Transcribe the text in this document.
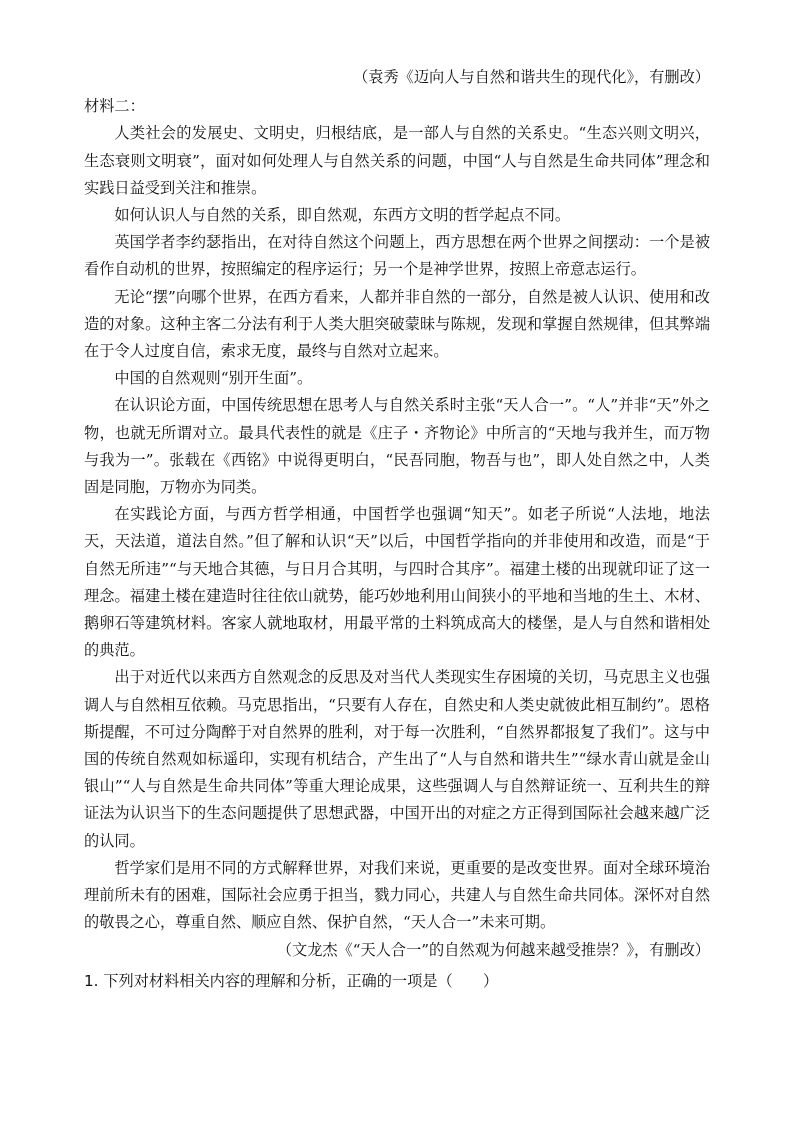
（袁秀《迈向人与自然和谐共生的现代化》，有删改）

材料二：

人类社会的发展史、文明史，归根结底，是一部人与自然的关系史。“生态兴则文明兴，生态衰则文明衰”，面对如何处理人与自然关系的问题，中国“人与自然是生命共同体”理念和实践日益受到关注和推崇。

如何认识人与自然的关系，即自然观，东西方文明的哲学起点不同。

英国学者李约瑟指出，在对待自然这个问题上，西方思想在两个世界之间摆动：一个是被看作自动机的世界，按照编定的程序运行；另一个是神学世界，按照上帝意志运行。

无论“摆”向哪个世界，在西方看来，人都并非自然的一部分，自然是被人认识、使用和改造的对象。这种主客二分法有利于人类大胆突破蒙昧与陈规，发现和掌握自然规律，但其弊端在于令人过度自信，索求无度，最终与自然对立起来。

中国的自然观则“别开生面”。

在认识论方面，中国传统思想在思考人与自然关系时主张“天人合一”。“人”并非“天”外之物，也就无所谓对立。最具代表性的就是《庄子・齐物论》中所言的“天地与我并生，而万物与我为一”。张载在《西铭》中说得更明白，“民吾同胞，物吾与也”，即人处自然之中，人类固是同胞，万物亦为同类。

在实践论方面，与西方哲学相通，中国哲学也强调“知天”。如老子所说“人法地，地法天，天法道，道法自然。”但了解和认识“天”以后，中国哲学指向的并非使用和改造，而是“于自然无所违”“与天地合其德，与日月合其明，与四时合其序”。福建土楼的出现就印证了这一理念。福建土楼在建造时往往依山就势，能巧妙地利用山间狭小的平地和当地的生土、木材、鹅卵石等建筑材料。客家人就地取材，用最平常的土料筑成高大的楼堡，是人与自然和谐相处的典范。

出于对近代以来西方自然观念的反思及对当代人类现实生存困境的关切，马克思主义也强调人与自然相互依赖。马克思指出，“只要有人存在，自然史和人类史就彼此相互制约”。恩格斯提醒，不可过分陶醉于对自然界的胜利，对于每一次胜利，“自然界都报复了我们”。这与中国的传统自然观如标遥印，实现有机结合，产生出了“人与自然和谐共生”“绿水青山就是金山银山”“人与自然是生命共同体”等重大理论成果，这些强调人与自然辩证统一、互利共生的辩证法为认识当下的生态问题提供了思想武器，中国开出的对症之方正得到国际社会越来越广泛的认同。

哲学家们是用不同的方式解释世界，对我们来说，更重要的是改变世界。面对全球环境治理前所未有的困难，国际社会应勇于担当，戮力同心，共建人与自然生命共同体。深怀对自然的敬畏之心，尊重自然、顺应自然、保护自然，“天人合一”未来可期。

（文龙杰《“天人合一”的自然观为何越来越受推崇？》，有删改）

1. 下列对材料相关内容的理解和分析，正确的一项是（　　）
